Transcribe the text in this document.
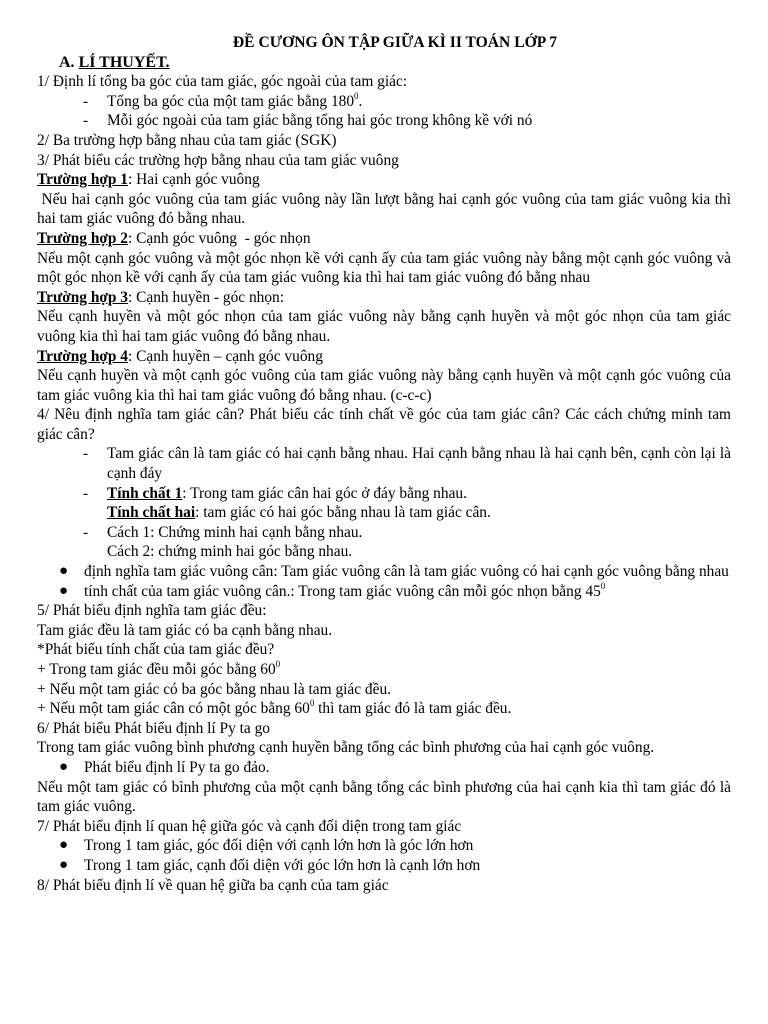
ĐỀ CƯƠNG ÔN TẬP GIỮA KÌ II TOÁN LỚP 7
A. LÍ THUYẾT.
1/ Định lí tổng ba góc của tam giác, góc ngoài của tam giác:
- Tổng ba góc của một tam giác bằng $180^0$.
- Mỗi góc ngoài của tam giác bằng tổng hai góc trong không kề với nó
2/ Ba trường hợp bằng nhau của tam giác (SGK)
3/ Phát biểu các trường hợp bằng nhau của tam giác vuông
Trường hợp 1: Hai cạnh góc vuông
Nếu hai cạnh góc vuông của tam giác vuông này lần lượt bằng hai cạnh góc vuông của tam giác vuông kia thì hai tam giác vuông đó bằng nhau.
Trường hợp 2: Cạnh góc vuông  - góc nhọn
Nếu một cạnh góc vuông và một góc nhọn kề với cạnh ấy của tam giác vuông này bằng một cạnh góc vuông và một góc nhọn kề với cạnh ấy của tam giác vuông kia thì hai tam giác vuông đó bằng nhau
Trường hợp 3: Cạnh huyền - góc nhọn:
Nếu cạnh huyền và một góc nhọn của tam giác vuông này bằng cạnh huyền và một góc nhọn của tam giác vuông kia thì hai tam giác vuông đó bằng nhau.
Trường hợp 4: Cạnh huyền – cạnh góc vuông
Nếu cạnh huyền và một cạnh góc vuông của tam giác vuông này bằng cạnh huyền và một cạnh góc vuông của tam giác vuông kia thì hai tam giác vuông đó bằng nhau. (c-c-c)
4/ Nêu định nghĩa tam giác cân? Phát biểu các tính chất về góc của tam giác cân? Các cách chứng minh tam giác cân?
- Tam giác cân là tam giác có hai cạnh bằng nhau. Hai cạnh bằng nhau là hai cạnh bên, cạnh còn lại là cạnh đáy
- Tính chất 1: Trong tam giác cân hai góc ở đáy bằng nhau.
Tính chất hai: tam giác có hai góc bằng nhau là tam giác cân.
- Cách 1: Chứng minh hai cạnh bằng nhau.
Cách 2: chứng minh hai góc bằng nhau.
● định nghĩa tam giác vuông cân: Tam giác vuông cân là tam giác vuông có hai cạnh góc vuông bằng nhau
● tính chất của tam giác vuông cân.: Trong tam giác vuông cân mỗi góc nhọn bằng $45^0$
5/ Phát biểu định nghĩa tam giác đều:
Tam giác đều là tam giác có ba cạnh bằng nhau.
*Phát biểu tính chất của tam giác đều?
+ Trong tam giác đều mỗi góc bằng $60^0$
+ Nếu một tam giác có ba góc bằng nhau là tam giác đều.
+ Nếu một tam giác cân có một góc bằng $60^0$ thì tam giác đó là tam giác đều.
6/ Phát biểu Phát biểu định lí Py ta go
Trong tam giác vuông bình phương cạnh huyền bằng tổng các bình phương của hai cạnh góc vuông.
● Phát biểu định lí Py ta go đảo.
Nếu một tam giác có bình phương của một cạnh bằng tổng các bình phương của hai cạnh kia thì tam giác đó là tam giác vuông.
7/ Phát biểu định lí quan hệ giữa góc và cạnh đối diện trong tam giác
● Trong 1 tam giác, góc đối diện với cạnh lớn hơn là góc lớn hơn
● Trong 1 tam giác, cạnh đối diện với góc lớn hơn là cạnh lớn hơn
8/ Phát biểu định lí về quan hệ giữa ba cạnh của tam giác
